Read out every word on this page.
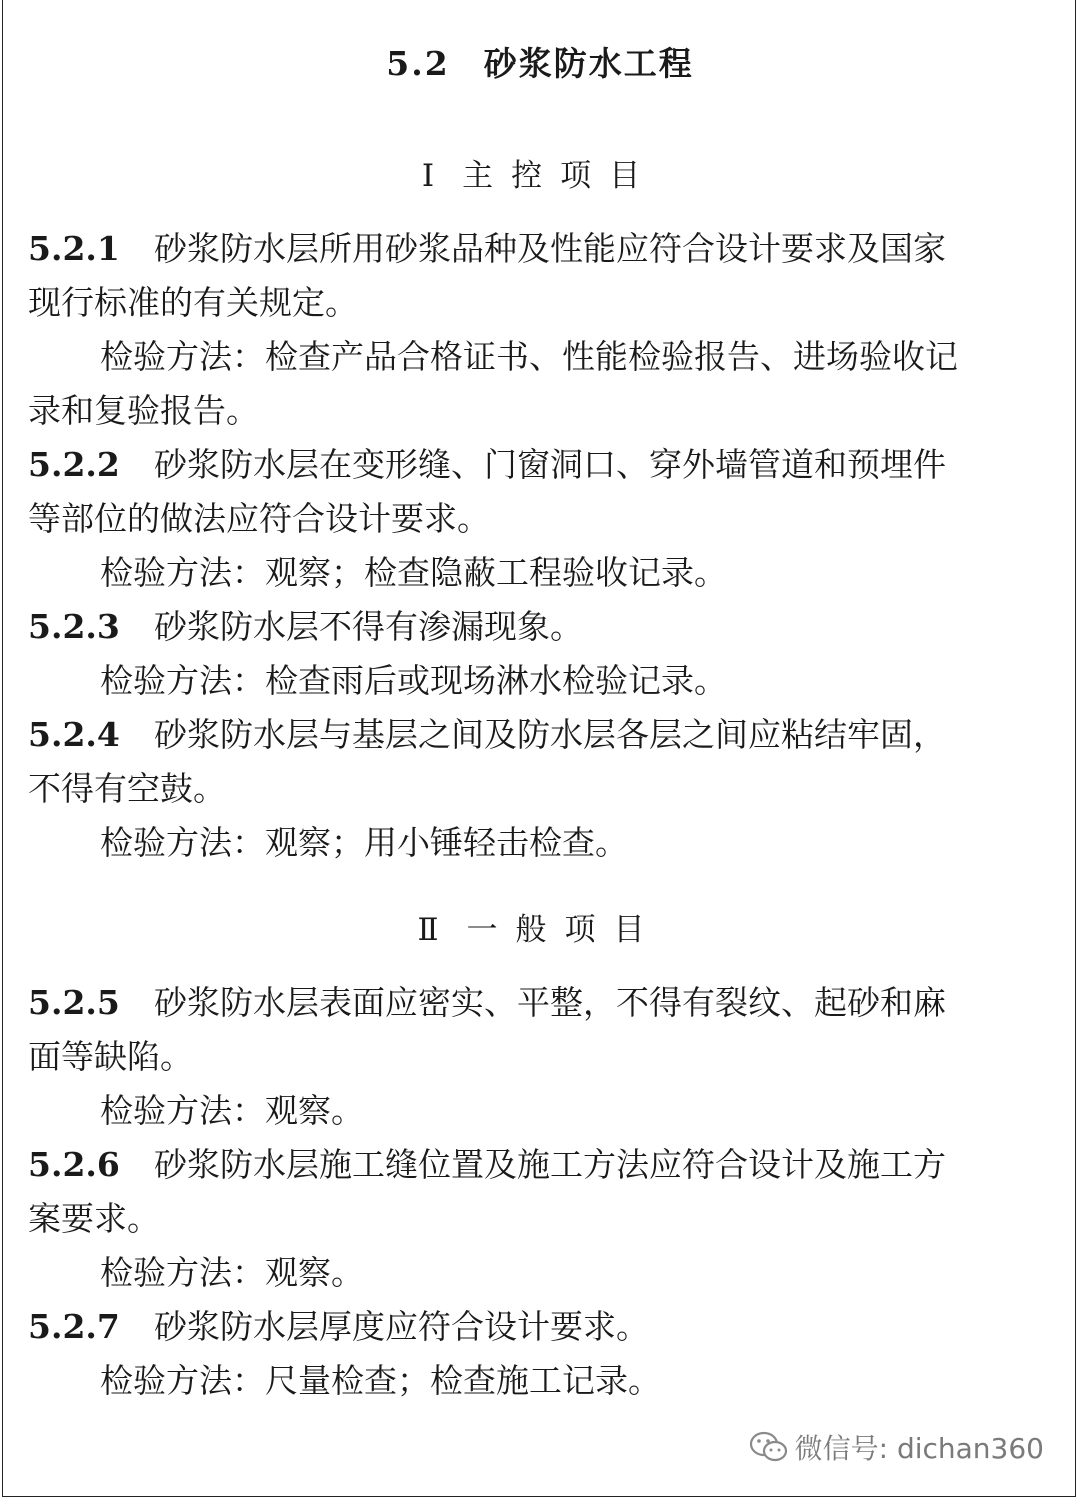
5.2 砂浆防水工程
Ⅰ 主控项目
5.2.1 砂浆防水层所用砂浆品种及性能应符合设计要求及国家
现行标准的有关规定。
检验方法：检查产品合格证书、性能检验报告、进场验收记
录和复验报告。
5.2.2 砂浆防水层在变形缝、门窗洞口、穿外墙管道和预埋件
等部位的做法应符合设计要求。
检验方法：观察；检查隐蔽工程验收记录。
5.2.3 砂浆防水层不得有渗漏现象。
检验方法：检查雨后或现场淋水检验记录。
5.2.4 砂浆防水层与基层之间及防水层各层之间应粘结牢固，
不得有空鼓。
检验方法：观察；用小锤轻击检查。
Ⅱ 一般项目
5.2.5 砂浆防水层表面应密实、平整，不得有裂纹、起砂和麻
面等缺陷。
检验方法：观察。
5.2.6 砂浆防水层施工缝位置及施工方法应符合设计及施工方
案要求。
检验方法：观察。
5.2.7 砂浆防水层厚度应符合设计要求。
检验方法：尺量检查；检查施工记录。
微信号: dichan360
